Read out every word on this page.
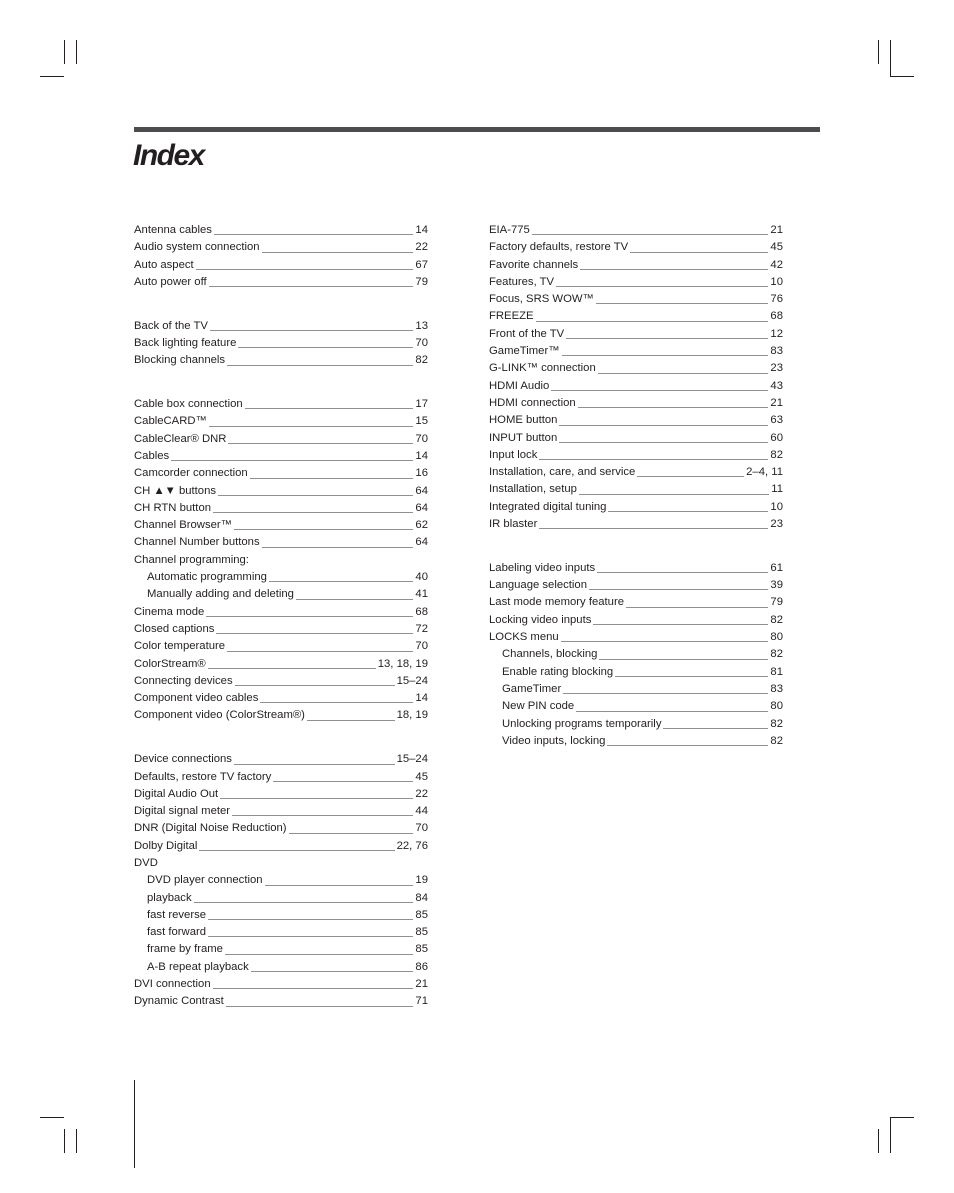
Index
Antenna cables	14
Audio system connection	22
Auto aspect	67
Auto power off	79
Back of the TV	13
Back lighting feature	70
Blocking channels	82
Cable box connection	17
CableCARD™	15
CableClear® DNR	70
Cables	14
Camcorder connection	16
CH ▲▼ buttons	64
CH RTN button	64
Channel Browser™	62
Channel Number buttons	64
Channel programming:
Automatic programming	40
Manually adding and deleting	41
Cinema mode	68
Closed captions	72
Color temperature	70
ColorStream®	13, 18, 19
Connecting devices	15–24
Component video cables	14
Component video (ColorStream®)	18, 19
Device connections	15–24
Defaults, restore TV factory	45
Digital Audio Out	22
Digital signal meter	44
DNR (Digital Noise Reduction)	70
Dolby Digital	22, 76
DVD
DVD player connection	19
playback	84
fast reverse	85
fast forward	85
frame by frame	85
A-B repeat playback	86
DVI connection	21
Dynamic Contrast	71
EIA-775	21
Factory defaults, restore TV	45
Favorite channels	42
Features, TV	10
Focus, SRS WOW™	76
FREEZE	68
Front of the TV	12
GameTimer™	83
G-LINK™ connection	23
HDMI Audio	43
HDMI connection	21
HOME button	63
INPUT button	60
Input lock	82
Installation, care, and service	2–4, 11
Installation, setup	11
Integrated digital tuning	10
IR blaster	23
Labeling video inputs	61
Language selection	39
Last mode memory feature	79
Locking video inputs	82
LOCKS menu	80
Channels, blocking	82
Enable rating blocking	81
GameTimer	83
New PIN code	80
Unlocking programs temporarily	82
Video inputs, locking	82
